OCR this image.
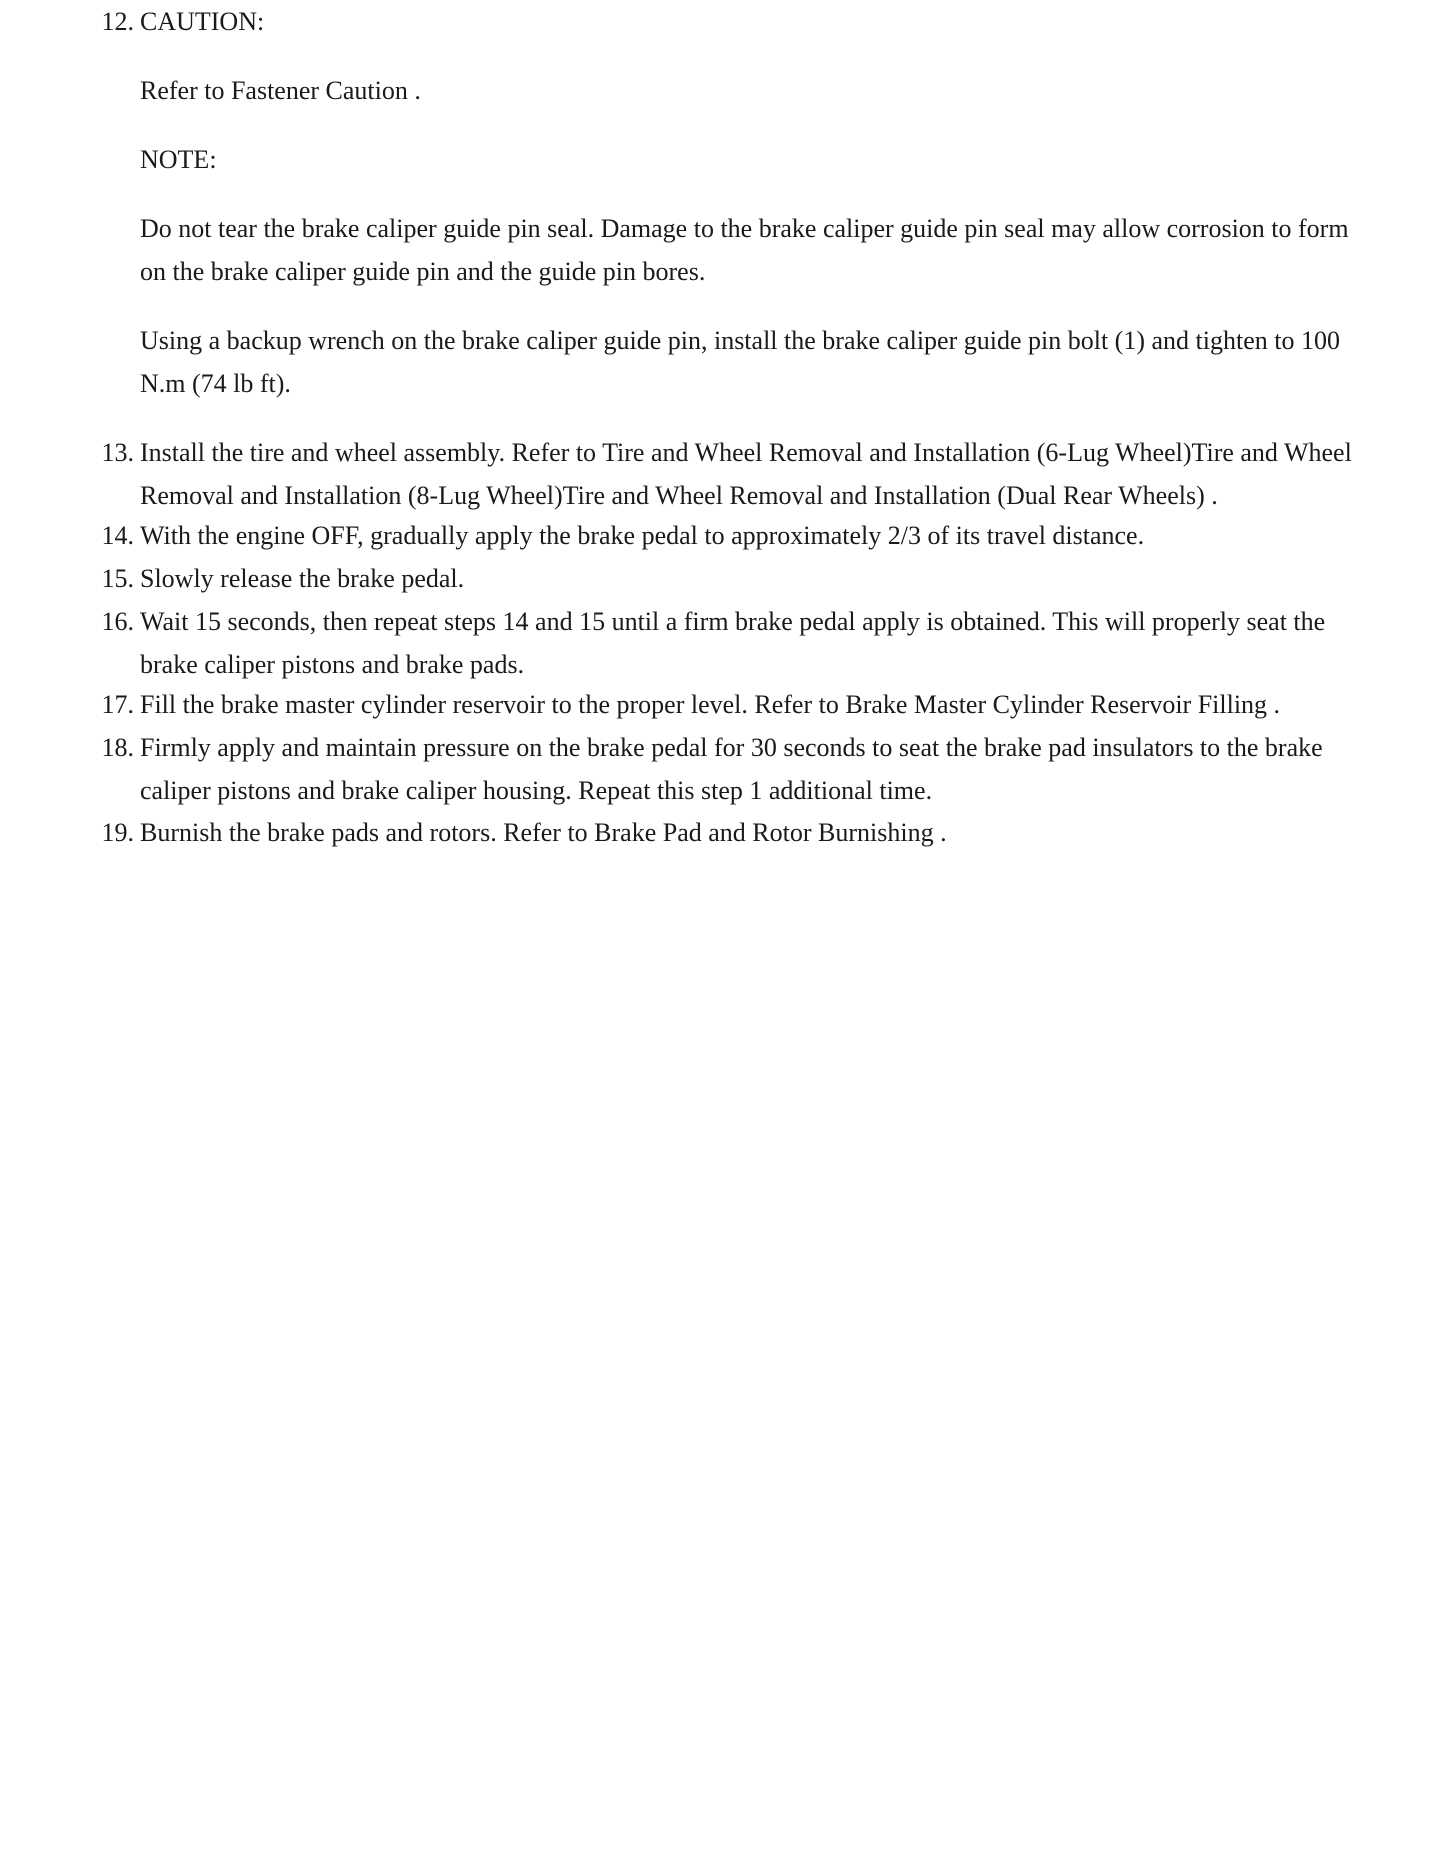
12. CAUTION:
Refer to Fastener Caution .
NOTE:
Do not tear the brake caliper guide pin seal. Damage to the brake caliper guide pin seal may allow corrosion to form on the brake caliper guide pin and the guide pin bores.
Using a backup wrench on the brake caliper guide pin, install the brake caliper guide pin bolt (1) and tighten to 100 N.m (74 lb ft).
13. Install the tire and wheel assembly. Refer to Tire and Wheel Removal and Installation (6-Lug Wheel)Tire and Wheel Removal and Installation (8-Lug Wheel)Tire and Wheel Removal and Installation (Dual Rear Wheels) .
14. With the engine OFF, gradually apply the brake pedal to approximately 2/3 of its travel distance.
15. Slowly release the brake pedal.
16. Wait 15 seconds, then repeat steps 14 and 15 until a firm brake pedal apply is obtained. This will properly seat the brake caliper pistons and brake pads.
17. Fill the brake master cylinder reservoir to the proper level. Refer to Brake Master Cylinder Reservoir Filling .
18. Firmly apply and maintain pressure on the brake pedal for 30 seconds to seat the brake pad insulators to the brake caliper pistons and brake caliper housing. Repeat this step 1 additional time.
19. Burnish the brake pads and rotors. Refer to Brake Pad and Rotor Burnishing .
